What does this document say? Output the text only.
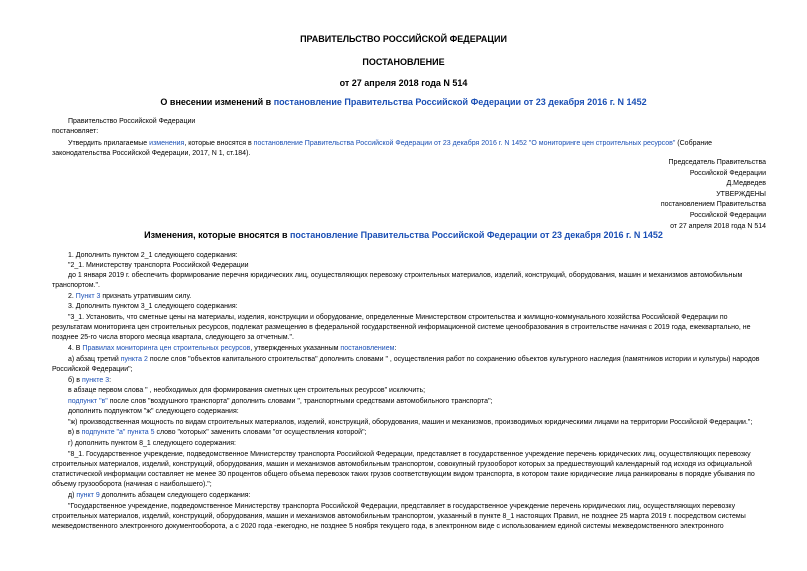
ПРАВИТЕЛЬСТВО РОССИЙСКОЙ ФЕДЕРАЦИИ
ПОСТАНОВЛЕНИЕ
от 27 апреля 2018 года N 514
О внесении изменений в постановление Правительства Российской Федерации от 23 декабря 2016 г. N 1452
Правительство Российской Федерации
постановляет:
Утвердить прилагаемые изменения, которые вносятся в постановление Правительства Российской Федерации от 23 декабря 2016 г. N 1452 "О мониторинге цен строительных ресурсов" (Собрание
законодательства Российской Федерации, 2017, N 1, ст.184).
Председатель Правительства
Российской Федерации
Д.Медведев
УТВЕРЖДЕНЫ
постановлением Правительства
Российской Федерации
от 27 апреля 2018 года N 514
Изменения, которые вносятся в постановление Правительства Российской Федерации от 23 декабря 2016 г. N 1452
1. Дополнить пунктом 2_1 следующего содержания:
"2_1. Министерству транспорта Российской Федерации
до 1 января 2019 г. обеспечить формирование перечня юридических лиц, осуществляющих перевозку строительных материалов, изделий, конструкций, оборудования, машин и механизмов автомобильным
транспортом.".
2. Пункт 3 признать утратившим силу.
3. Дополнить пунктом 3_1 следующего содержания:
"3_1. Установить, что сметные цены на материалы, изделия, конструкции и оборудование, определенные Министерством строительства и жилищно-коммунального хозяйства Российской Федерации по
результатам мониторинга цен строительных ресурсов, подлежат размещению в федеральной государственной информационной системе ценообразования в строительстве начиная с 2019 года, ежеквартально, не
позднее 25-го числа второго месяца квартала, следующего за отчетным.".
4. В Правилах мониторинга цен строительных ресурсов, утвержденных указанным постановлением:
а) абзац третий пункта 2 после слов "объектов капитального строительства" дополнить словами " , осуществления работ по сохранению объектов культурного наследия (памятников истории и культуры) народов
Российской Федерации";
б) в пункте 3:
в абзаце первом слова " , необходимых для формирования сметных цен строительных ресурсов" исключить;
подпункт "в" после слов "воздушного транспорта" дополнить словами ", транспортными средствами автомобильного транспорта";
дополнить подпунктом "ж" следующего содержания:
"ж) производственная мощность по видам строительных материалов, изделий, конструкций, оборудования, машин и механизмов, производимых юридическими лицами на территории Российской Федерации.";
в) в подпункте "а" пункта 5 слово "которых" заменить словами "от осуществления которой";
г) дополнить пунктом 8_1 следующего содержания:
"8_1. Государственное учреждение, подведомственное Министерству транспорта Российской Федерации, представляет в государственное учреждение перечень юридических лиц, осуществляющих перевозку
строительных материалов, изделий, конструкций, оборудования, машин и механизмов автомобильным транспортом, совокупный грузооборот которых за предшествующий календарный год исходя из официальной
статистической информации составляет не менее 30 процентов общего объема перевозок таких грузов соответствующим видом транспорта, в котором такие юридические лица ранжированы в порядке убывания по
объему грузооборота (начиная с наибольшего).";
д) пункт 9 дополнить абзацем следующего содержания:
"Государственное учреждение, подведомственное Министерству транспорта Российской Федерации, представляет в государственное учреждение перечень юридических лиц, осуществляющих перевозку
строительных материалов, изделий, конструкций, оборудования, машин и механизмов автомобильным транспортом, указанный в пункте 8_1 настоящих Правил, не позднее 25 марта 2019 г. посредством системы
межведомственного электронного документооборота, а с 2020 года -ежегодно, не позднее 5 ноября текущего года, в электронном виде с использованием единой системы межведомственного электронного
